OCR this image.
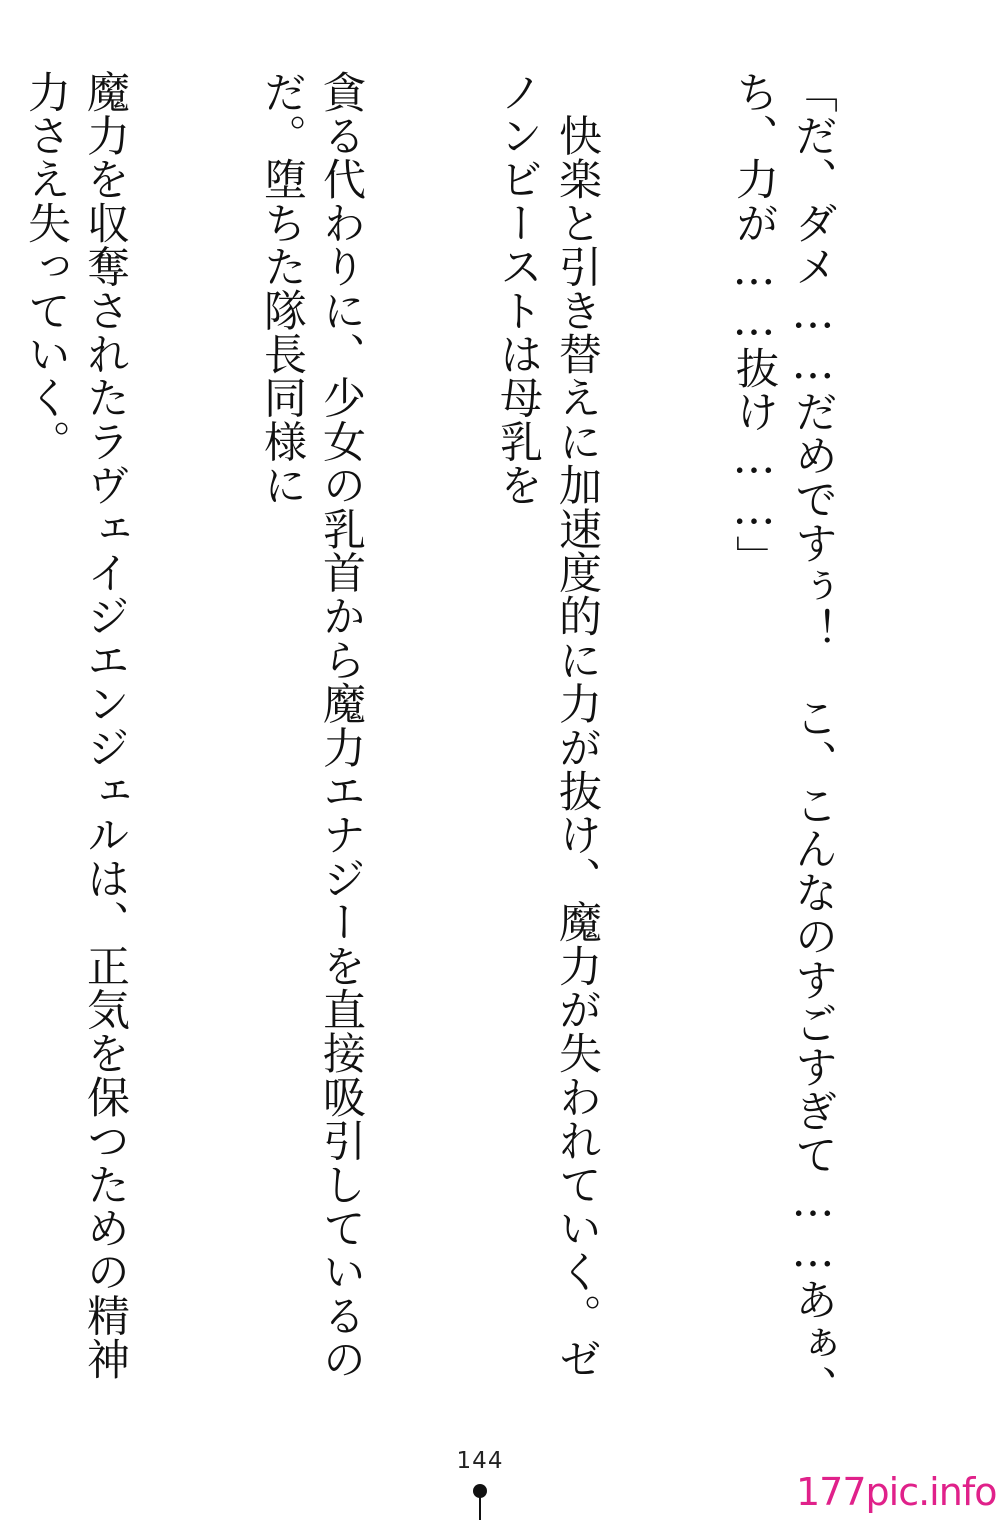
「だ、ダメ……だめですぅ！　こ、こんなのすごすぎて……あぁ、ち、力が……抜け……」

　快楽と引き替えに加速度的に力が抜け、魔力が失われていく。ゼノンビーストは母乳を

貪る代わりに、少女の乳首から魔力エナジーを直接吸引しているのだ。堕ちた隊長同様に

魔力を収奪されたラヴェイジエンジェルは、正気を保つための精神力さえ失っていく。

144
177pic.info
